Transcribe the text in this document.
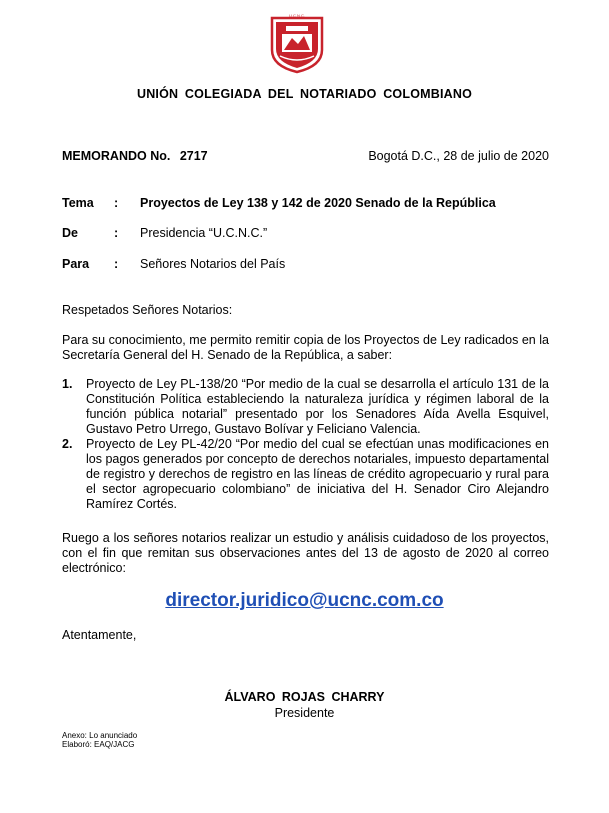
U.C.N.C.
UNIÓN COLEGIADA DEL NOTARIADO COLOMBIANO
MEMORANDO No. 2717	Bogotá D.C., 28 de julio de 2020
Tema : Proyectos de Ley 138 y 142 de 2020 Senado de la República
De	: Presidencia “U.C.N.C.”
Para : Señores Notarios del País
Respetados Señores Notarios:
Para su conocimiento, me permito remitir copia de los Proyectos de Ley radicados en la Secretaría General del H. Senado de la República, a saber:
1.	Proyecto de Ley PL-138/20 “Por medio de la cual se desarrolla el artículo 131 de la Constitución Política estableciendo la naturaleza jurídica y régimen laboral de la función pública notarial” presentado por los Senadores Aída Avella Esquivel, Gustavo Petro Urrego, Gustavo Bolívar y Feliciano Valencia.
2.	Proyecto de Ley PL-42/20 “Por medio del cual se efectúan unas modificaciones en los pagos generados por concepto de derechos notariales, impuesto departamental de registro y derechos de registro en las líneas de crédito agropecuario y rural para el sector agropecuario colombiano” de iniciativa del H. Senador Ciro Alejandro Ramírez Cortés.
Ruego a los señores notarios realizar un estudio y análisis cuidadoso de los proyectos, con el fin que remitan sus observaciones antes del 13 de agosto de 2020 al correo electrónico:
director.juridico@ucnc.com.co
Atentamente,
ÁLVARO ROJAS CHARRY
Presidente
Anexo: Lo anunciado
Elaboró: EAQ/JACG
